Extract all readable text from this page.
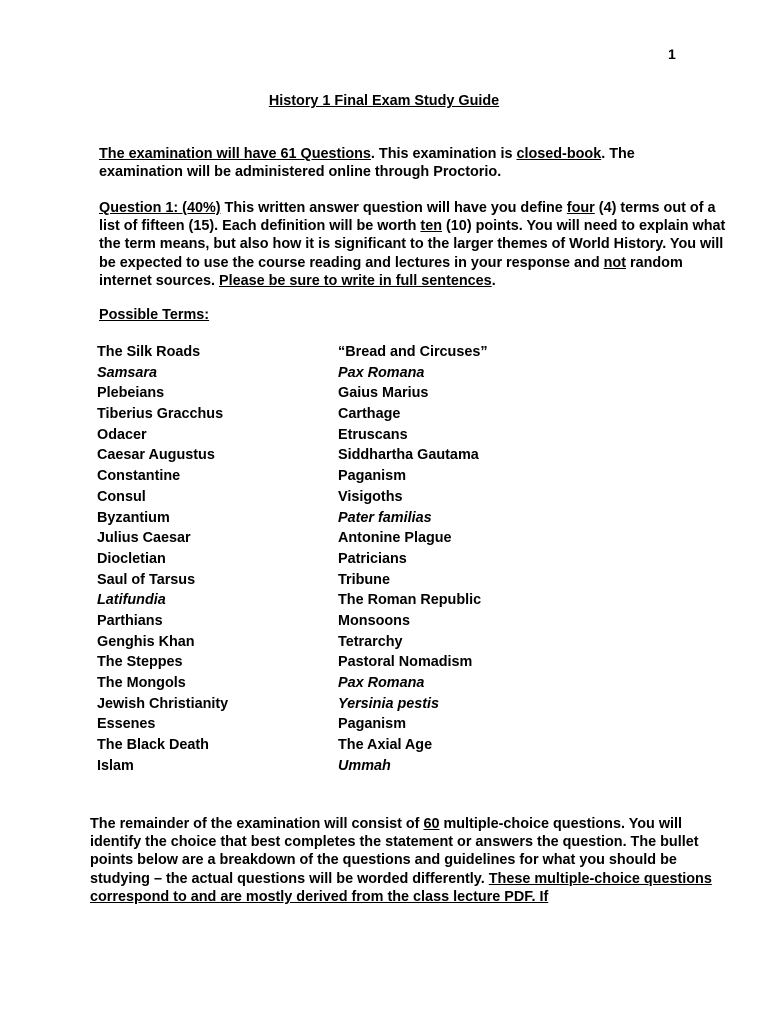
1
History 1 Final Exam Study Guide

The examination will have 61 Questions. This examination is closed-book. The examination will be administered online through Proctorio.

Question 1: (40%) This written answer question will have you define four (4) terms out of a list of fifteen (15). Each definition will be worth ten (10) points. You will need to explain what the term means, but also how it is significant to the larger themes of World History. You will be expected to use the course reading and lectures in your response and not random internet sources. Please be sure to write in full sentences.

Possible Terms:
The Silk Roads
Samsara
Plebeians
Tiberius Gracchus
Odacer
Caesar Augustus
Constantine
Consul
Byzantium
Julius Caesar
Diocletian
Saul of Tarsus
Latifundia
Parthians
Genghis Khan
The Steppes
The Mongols
Jewish Christianity
Essenes
The Black Death
Islam
“Bread and Circuses”
Pax Romana
Gaius Marius
Carthage
Etruscans
Siddhartha Gautama
Paganism
Visigoths
Pater familias
Antonine Plague
Patricians
Tribune
The Roman Republic
Monsoons
Tetrarchy
Pastoral Nomadism
Pax Romana
Yersinia pestis
Paganism
The Axial Age
Ummah

The remainder of the examination will consist of 60 multiple-choice questions. You will identify the choice that best completes the statement or answers the question. The bullet points below are a breakdown of the questions and guidelines for what you should be studying – the actual questions will be worded differently. These multiple-choice questions correspond to and are mostly derived from the class lecture PDF. If
